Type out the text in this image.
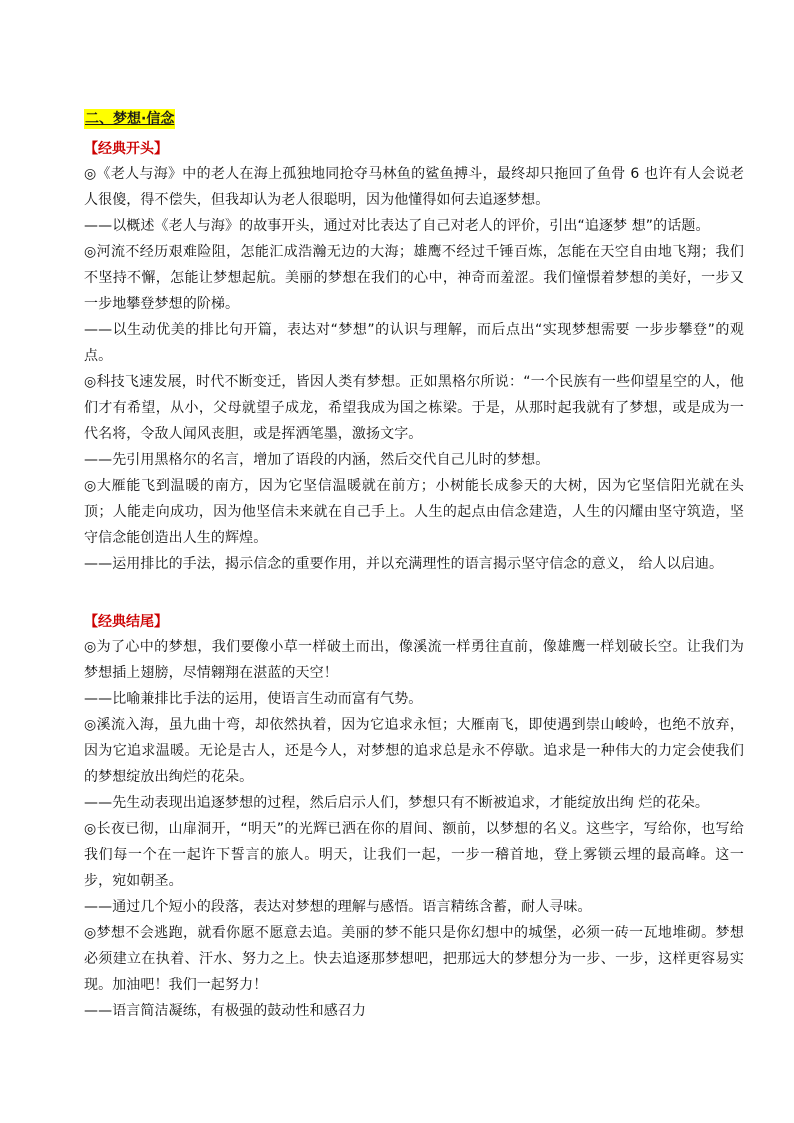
二、梦想·信念
【经典开头】

◎《老人与海》中的老人在海上孤独地同抢夺马林鱼的鲨鱼搏斗，最终却只拖回了鱼骨 6 也许有人会说老人很傻，得不偿失，但我却认为老人很聪明，因为他懂得如何去追逐梦想。

——以概述《老人与海》的故事开头，通过对比表达了自己对老人的评价，引出“追逐梦 想”的话题。

◎河流不经历艰难险阻，怎能汇成浩瀚无边的大海；雄鹰不经过千锤百炼，怎能在天空自由地飞翔；我们不坚持不懈，怎能让梦想起航。美丽的梦想在我们的心中，神奇而羞涩。我们憧憬着梦想的美好，一步又一步地攀登梦想的阶梯。

——以生动优美的排比句开篇，表达对“梦想”的认识与理解，而后点出“实现梦想需要 一步步攀登”的观点。

◎科技飞速发展，时代不断变迁，皆因人类有梦想。正如黑格尔所说：“一个民族有一些仰望星空的人，他们才有希望，从小，父母就望子成龙，希望我成为国之栋梁。于是，从那时起我就有了梦想，或是成为一代名将，令敌人闻风丧胆，或是挥洒笔墨，激扬文字。

——先引用黑格尔的名言，增加了语段的内涵，然后交代自己儿时的梦想。

◎大雁能飞到温暖的南方，因为它坚信温暖就在前方；小树能长成参天的大树，因为它坚信阳光就在头顶；人能走向成功，因为他坚信未来就在自己手上。人生的起点由信念建造，人生的闪耀由坚守筑造，坚守信念能创造出人生的辉煌。

——运用排比的手法，揭示信念的重要作用，并以充满理性的语言揭示坚守信念的意义， 给人以启迪。

【经典结尾】

◎为了心中的梦想，我们要像小草一样破土而出，像溪流一样勇往直前，像雄鹰一样划破长空。让我们为梦想插上翅膀，尽情翱翔在湛蓝的天空！

——比喻兼排比手法的运用，使语言生动而富有气势。

◎溪流入海，虽九曲十弯，却依然执着，因为它追求永恒；大雁南飞，即使遇到崇山峻岭，也绝不放弃，因为它追求温暖。无论是古人，还是今人，对梦想的追求总是永不停歇。追求是一种伟大的力定会使我们的梦想绽放出绚烂的花朵。

——先生动表现出追逐梦想的过程，然后启示人们，梦想只有不断被追求，才能绽放出绚 烂的花朵。

◎长夜已彻，山扉洞开，“明天”的光辉已洒在你的眉间、额前，以梦想的名义。这些字，写给你，也写给我们每一个在一起许下誓言的旅人。明天，让我们一起，一步一稽首地，登上雾锁云埋的最高峰。这一步，宛如朝圣。

——通过几个短小的段落，表达对梦想的理解与感悟。语言精练含蓄，耐人寻味。

◎梦想不会逃跑，就看你愿不愿意去追。美丽的梦不能只是你幻想中的城堡，必须一砖一瓦地堆砌。梦想必须建立在执着、汗水、努力之上。快去追逐那梦想吧，把那远大的梦想分为一步、一步，这样更容易实现。加油吧！我们一起努力！

——语言简洁凝练，有极强的鼓动性和感召力
